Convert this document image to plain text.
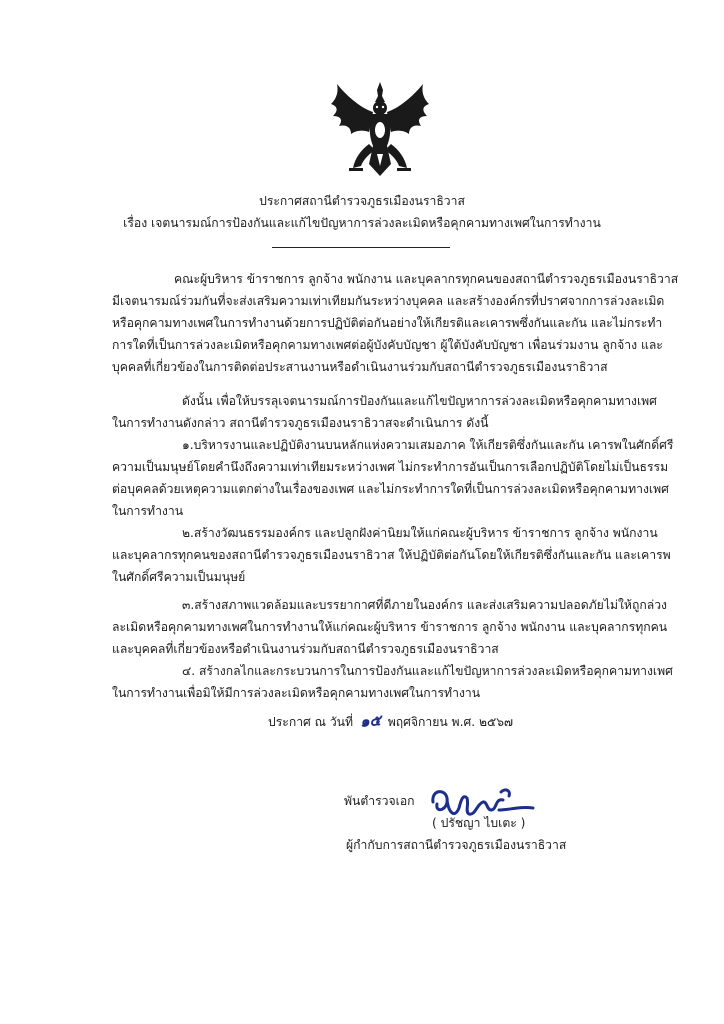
ประกาศสถานีตำรวจภูธรเมืองนราธิวาส
เรื่อง เจตนารมณ์การป้องกันและแก้ไขปัญหาการล่วงละเมิดหรือคุกคามทางเพศในการทำงาน
คณะผู้บริหาร ข้าราชการ ลูกจ้าง พนักงาน และบุคลากรทุกคนของสถานีตำรวจภูธรเมืองนราธิวาส
มีเจตนารมณ์ร่วมกันที่จะส่งเสริมความเท่าเทียมกันระหว่างบุคคล และสร้างองค์กรที่ปราศจากการล่วงละเมิด
หรือคุกคามทางเพศในการทำงานด้วยการปฏิบัติต่อกันอย่างให้เกียรติและเคารพซึ่งกันและกัน และไม่กระทำ
การใดที่เป็นการล่วงละเมิดหรือคุกคามทางเพศต่อผู้บังคับบัญชา ผู้ใต้บังคับบัญชา เพื่อนร่วมงาน ลูกจ้าง และ
บุคคลที่เกี่ยวข้องในการติดต่อประสานงานหรือดำเนินงานร่วมกับสถานีตำรวจภูธรเมืองนราธิวาส
ดังนั้น เพื่อให้บรรลุเจตนารมณ์การป้องกันและแก้ไขปัญหาการล่วงละเมิดหรือคุกคามทางเพศ
ในการทำงานดังกล่าว สถานีตำรวจภูธรเมืองนราธิวาสจะดำเนินการ ดังนี้
๑.บริหารงานและปฏิบัติงานบนหลักแห่งความเสมอภาค ให้เกียรติซึ่งกันและกัน เคารพในศักดิ์ศรี
ความเป็นมนุษย์โดยคำนึงถึงความเท่าเทียมระหว่างเพศ ไม่กระทำการอันเป็นการเลือกปฏิบัติโดยไม่เป็นธรรม
ต่อบุคคลด้วยเหตุความแตกต่างในเรื่องของเพศ และไม่กระทำการใดที่เป็นการล่วงละเมิดหรือคุกคามทางเพศ
ในการทำงาน
๒.สร้างวัฒนธรรมองค์กร และปลูกฝังค่านิยมให้แก่คณะผู้บริหาร ข้าราชการ ลูกจ้าง พนักงาน
และบุคลากรทุกคนของสถานีตำรวจภูธรเมืองนราธิวาส ให้ปฏิบัติต่อกันโดยให้เกียรติซึ่งกันและกัน และเคารพ
ในศักดิ์ศรีความเป็นมนุษย์
๓.สร้างสภาพแวดล้อมและบรรยากาศที่ดีภายในองค์กร และส่งเสริมความปลอดภัยไม่ให้ถูกล่วง
ละเมิดหรือคุกคามทางเพศในการทำงานให้แก่คณะผู้บริหาร ข้าราชการ ลูกจ้าง พนักงาน และบุคลากรทุกคน
และบุคคลที่เกี่ยวข้องหรือดำเนินงานร่วมกับสถานีตำรวจภูธรเมืองนราธิวาส
๔. สร้างกลไกและกระบวนการในการป้องกันและแก้ไขปัญหาการล่วงละเมิดหรือคุกคามทางเพศ
ในการทำงานเพื่อมิให้มีการล่วงละเมิดหรือคุกคามทางเพศในการทำงาน
ประกาศ ณ วันที่ ๑๕ พฤศจิกายน พ.ศ. ๒๕๖๗
พันตำรวจเอก
( ปรัชญา ไบเตะ )
ผู้กำกับการสถานีตำรวจภูธรเมืองนราธิวาส
